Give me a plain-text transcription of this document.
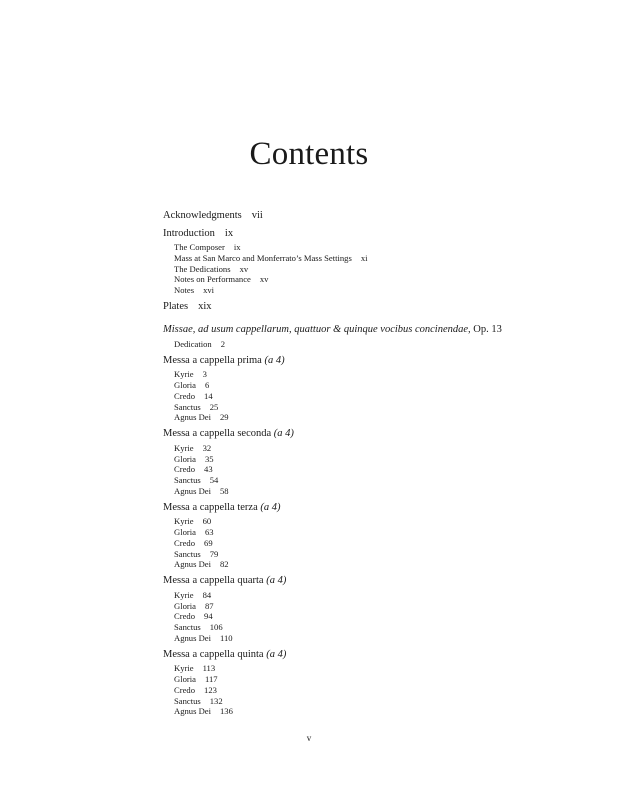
Contents
Acknowledgments vii
Introduction ix
The Composer ix
Mass at San Marco and Monferrato’s Mass Settings xi
The Dedications xv
Notes on Performance xv
Notes xvi
Plates xix
Missae, ad usum cappellarum, quattuor & quinque vocibus concinendae, Op. 13
Dedication 2
Messa a cappella prima (a 4)
Kyrie 3
Gloria 6
Credo 14
Sanctus 25
Agnus Dei 29
Messa a cappella seconda (a 4)
Kyrie 32
Gloria 35
Credo 43
Sanctus 54
Agnus Dei 58
Messa a cappella terza (a 4)
Kyrie 60
Gloria 63
Credo 69
Sanctus 79
Agnus Dei 82
Messa a cappella quarta (a 4)
Kyrie 84
Gloria 87
Credo 94
Sanctus 106
Agnus Dei 110
Messa a cappella quinta (a 4)
Kyrie 113
Gloria 117
Credo 123
Sanctus 132
Agnus Dei 136
v
